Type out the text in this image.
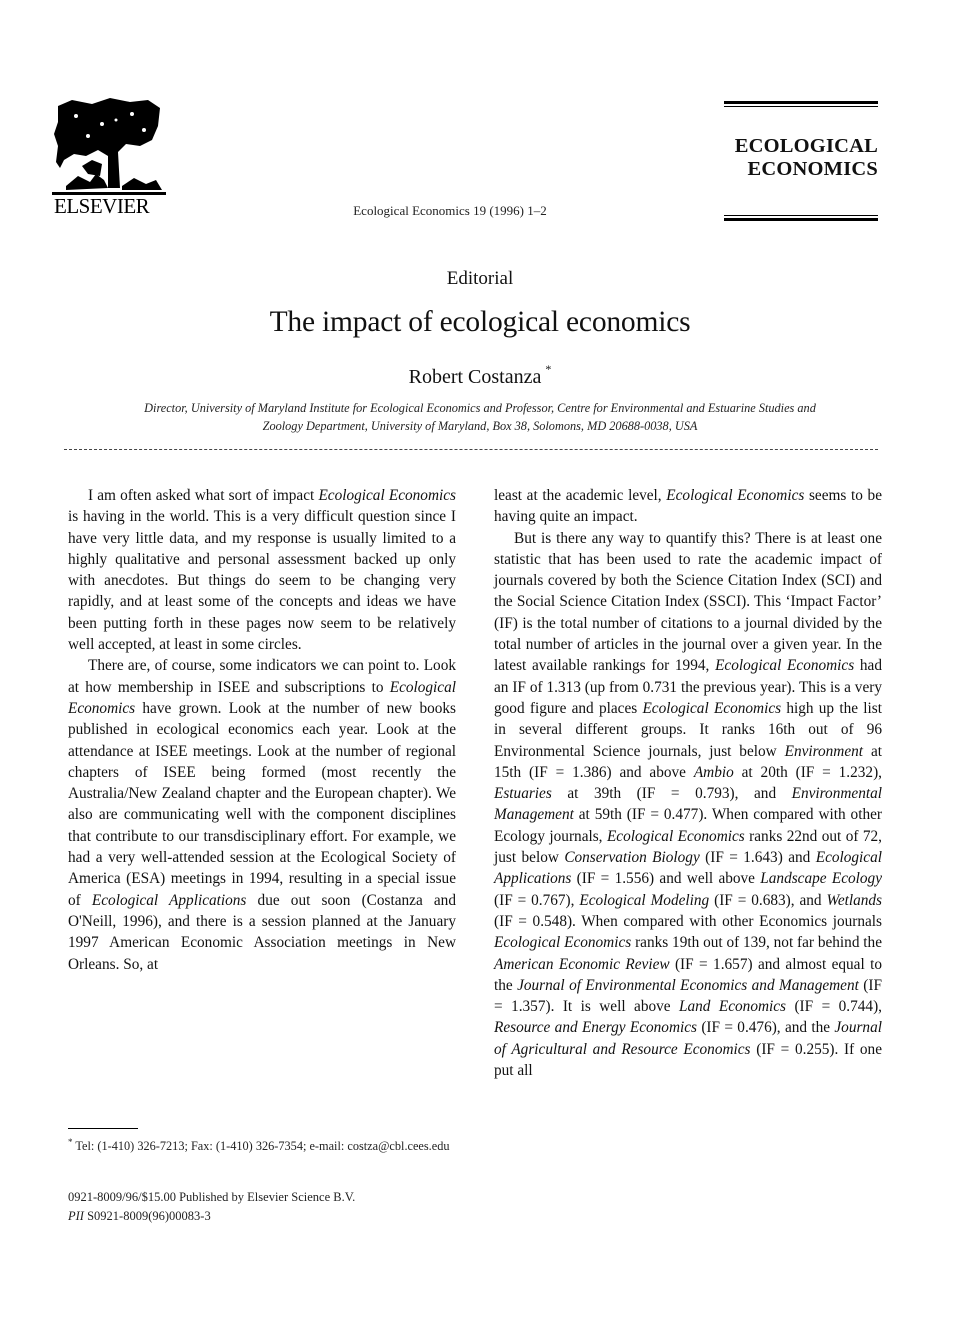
ELSEVIER	Ecological Economics 19 (1996) 1–2
ECOLOGICAL
ECONOMICS
Editorial
The impact of ecological economics
Robert Costanza *
Director, University of Maryland Institute for Ecological Economics and Professor, Centre for Environmental and Estuarine Studies and
Zoology Department, University of Maryland, Box 38, Solomons, MD 20688-0038, USA

I am often asked what sort of impact Ecological Economics is having in the world. This is a very difficult question since I have very little data, and my response is usually limited to a highly qualitative and personal assessment backed up only with anecdotes. But things do seem to be changing very rapidly, and at least some of the concepts and ideas we have been putting forth in these pages now seem to be relatively well accepted, at least in some circles.

There are, of course, some indicators we can point to. Look at how membership in ISEE and subscriptions to Ecological Economics have grown. Look at the number of new books published in ecological economics each year. Look at the attendance at ISEE meetings. Look at the number of regional chapters of ISEE being formed (most recently the Australia/New Zealand chapter and the European chapter). We also are communicating well with the component disciplines that contribute to our transdisciplinary effort. For example, we had a very well-attended session at the Ecological Society of America (ESA) meetings in 1994, resulting in a special issue of Ecological Applications due out soon (Costanza and O'Neill, 1996), and there is a session planned at the January 1997 American Economic Association meetings in New Orleans. So, at

least at the academic level, Ecological Economics seems to be having quite an impact.

But is there any way to quantify this? There is at least one statistic that has been used to rate the academic impact of journals covered by both the Science Citation Index (SCI) and the Social Science Citation Index (SSCI). This ‘Impact Factor’ (IF) is the total number of citations to a journal divided by the total number of articles in the journal over a given year. In the latest available rankings for 1994, Ecological Economics had an IF of 1.313 (up from 0.731 the previous year). This is a very good figure and places Ecological Economics high up the list in several different groups. It ranks 16th out of 96 Environmental Science journals, just below Environment at 15th (IF = 1.386) and above Ambio at 20th (IF = 1.232), Estuaries at 39th (IF = 0.793), and Environmental Management at 59th (IF = 0.477). When compared with other Ecology journals, Ecological Economics ranks 22nd out of 72, just below Conservation Biology (IF = 1.643) and Ecological Applications (IF = 1.556) and well above Landscape Ecology (IF = 0.767), Ecological Modeling (IF = 0.683), and Wetlands (IF = 0.548). When compared with other Economics journals Ecological Economics ranks 19th out of 139, not far behind the American Economic Review (IF = 1.657) and almost equal to the Journal of Environmental Economics and Management (IF = 1.357). It is well above Land Economics (IF = 0.744), Resource and Energy Economics (IF = 0.476), and the Journal of Agricultural and Resource Economics (IF = 0.255). If one put all

* Tel: (1-410) 326-7213; Fax: (1-410) 326-7354; e-mail: costza@cbl.cees.edu
0921-8009/96/$15.00 Published by Elsevier Science B.V.
PII S0921-8009(96)00083-3
